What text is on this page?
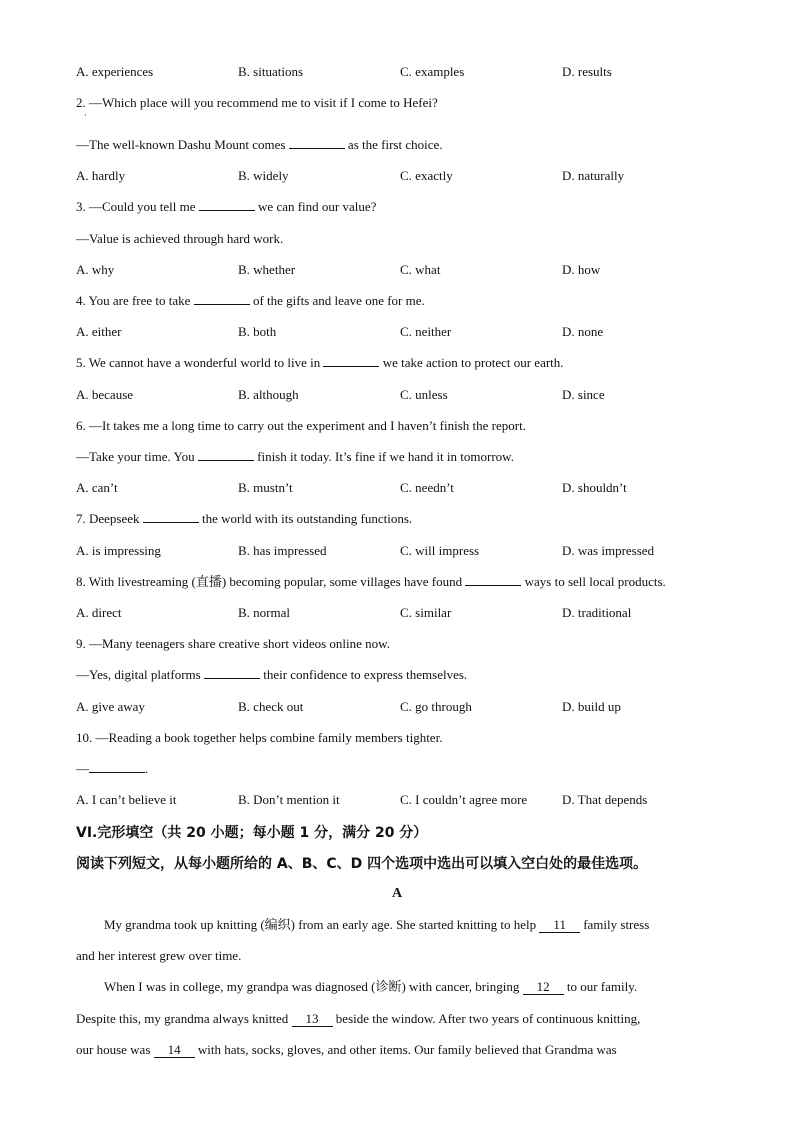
A. experiences	B. situations	C. examples	D. results
2. —Which place will you recommend me to visit if I come to Hefei?
·
—The well-known Dashu Mount comes	as the first choice.
A. hardly	B. widely	C. exactly	D. naturally
3. —Could you tell me	we can find our value?
—Value is achieved through hard work.
A. why	B. whether	C. what	D. how
4. You are free to take	of the gifts and leave one for me.
A. either	B. both	C. neither	D. none
5. We cannot have a wonderful world to live in	we take action to protect our earth.
A. because	B. although	C. unless	D. since
6. —It takes me a long time to carry out the experiment and I haven’t finish the report.
—Take your time. You	finish it today. It’s fine if we hand it in tomorrow.
A. can’t	B. mustn’t	C. needn’t	D. shouldn’t
7. Deepseek	the world with its outstanding functions.
A. is impressing	B. has impressed	C. will impress	D. was impressed
8. With livestreaming (直播) becoming popular, some villages have found	ways to sell local products.
A. direct	B. normal	C. similar	D. traditional
9. —Many teenagers share creative short videos online now.
—Yes, digital platforms	their confidence to express themselves.
A. give away	B. check out	C. go through	D. build up
10. —Reading a book together helps combine family members tighter.
—	.
A. I can’t believe it	B. Don’t mention it	C. I couldn’t agree more	D. That depends
VI.完形填空（共 20 小题；每小题 1 分，满分 20 分）
阅读下列短文，从每小题所给的 A、B、C、D 四个选项中选出可以填入空白处的最佳选项。
A
My grandma took up knitting (编织) from an early age. She started knitting to help 11 family stress
and her interest grew over time.
When I was in college, my grandpa was diagnosed (诊断) with cancer, bringing 12 to our family.
Despite this, my grandma always knitted 13 beside the window. After two years of continuous knitting,
our house was 14 with hats, socks, gloves, and other items. Our family believed that Grandma was
